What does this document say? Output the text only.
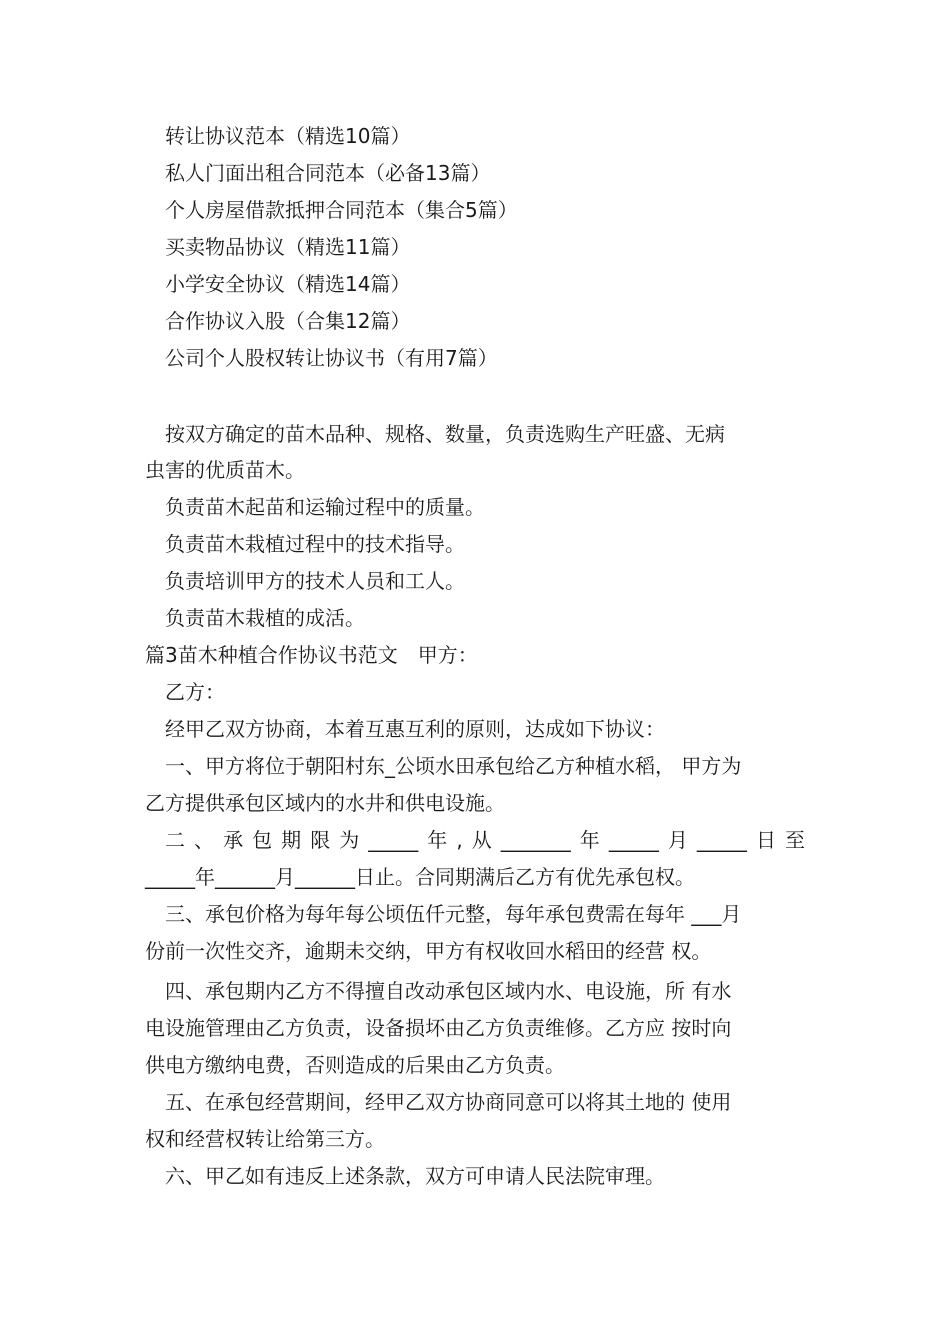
转让协议范本（精选10篇）
私人门面出租合同范本（必备13篇）
个人房屋借款抵押合同范本（集合5篇）
买卖物品协议（精选11篇）
小学安全协议（精选14篇）
合作协议入股（合集12篇）
公司个人股权转让协议书（有用7篇）
按双方确定的苗木品种、规格、数量，负责选购生产旺盛、无病
虫害的优质苗木。
负责苗木起苗和运输过程中的质量。
负责苗木栽植过程中的技术指导。
负责培训甲方的技术人员和工人。
负责苗木栽植的成活。
篇3苗木种植合作协议书范文　甲方：
乙方：
经甲乙双方协商，本着互惠互利的原则，达成如下协议：
一、甲方将位于朝阳村东_公顷水田承包给乙方种植水稻， 甲方为
乙方提供承包区域内的水井和供电设施。
二、承包期限为_____年,从_______年_____月_____日至
_____年______月______日止。合同期满后乙方有优先承包权。
三、承包价格为每年每公顷伍仟元整，每年承包费需在每年 ___月
份前一次性交齐，逾期未交纳，甲方有权收回水稻田的经营 权。
四、承包期内乙方不得擅自改动承包区域内水、电设施，所 有水
电设施管理由乙方负责，设备损坏由乙方负责维修。乙方应 按时向
供电方缴纳电费，否则造成的后果由乙方负责。
五、在承包经营期间，经甲乙双方协商同意可以将其土地的 使用
权和经营权转让给第三方。
六、甲乙如有违反上述条款，双方可申请人民法院审理。
